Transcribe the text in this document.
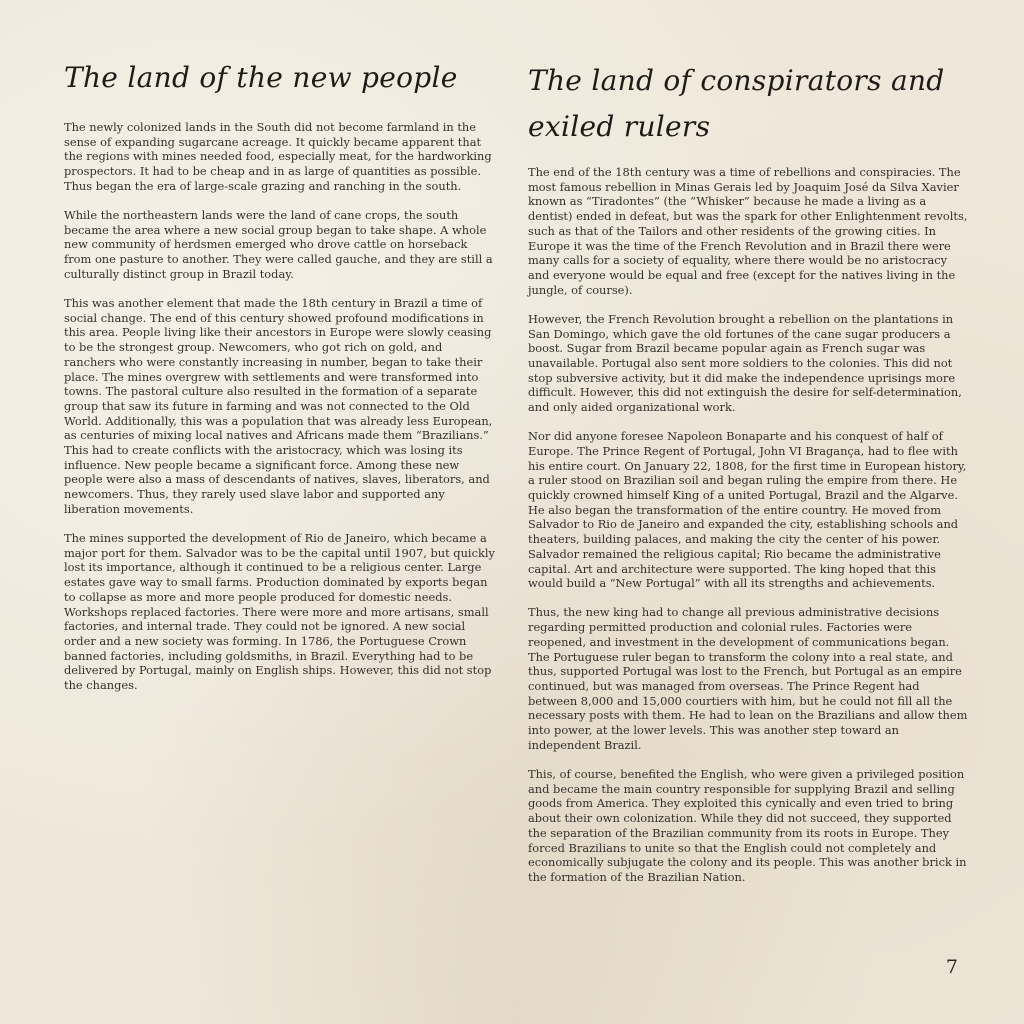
The land of the new people

The newly colonized lands in the South did not become farmland in the sense of expanding sugarcane acreage. It quickly became apparent that the regions with mines needed food, especially meat, for the hardworking prospectors. It had to be cheap and in as large of quantities as possible. Thus began the era of large-scale grazing and ranching in the south.

While the northeastern lands were the land of cane crops, the south became the area where a new social group began to take shape. A whole new community of herdsmen emerged who drove cattle on horseback from one pasture to another. They were called gauche, and they are still a culturally distinct group in Brazil today.

This was another element that made the 18th century in Brazil a time of social change. The end of this century showed profound modifications in this area. People living like their ancestors in Europe were slowly ceasing to be the strongest group. Newcomers, who got rich on gold, and ranchers who were constantly increasing in number, began to take their place. The mines overgrew with settlements and were transformed into towns. The pastoral culture also resulted in the formation of a separate group that saw its future in farming and was not connected to the Old World. Additionally, this was a population that was already less European, as centuries of mixing local natives and Africans made them “Brazilians.” This had to create conflicts with the aristocracy, which was losing its influence. New people became a significant force. Among these new people were also a mass of descendants of natives, slaves, liberators, and newcomers. Thus, they rarely used slave labor and supported any liberation movements.

The mines supported the development of Rio de Janeiro, which became a major port for them. Salvador was to be the capital until 1907, but quickly lost its importance, although it continued to be a religious center. Large estates gave way to small farms. Production dominated by exports began to collapse as more and more people produced for domestic needs. Workshops replaced factories. There were more and more artisans, small factories, and internal trade. They could not be ignored. A new social order and a new society was forming. In 1786, the Portuguese Crown banned factories, including goldsmiths, in Brazil. Everything had to be delivered by Portugal, mainly on English ships. However, this did not stop the changes.

The land of conspirators and exiled rulers

The end of the 18th century was a time of rebellions and conspiracies. The most famous rebellion in Minas Gerais led by Joaquim José da Silva Xavier known as “Tiradontes” (the “Whisker” because he made a living as a dentist) ended in defeat, but was the spark for other Enlightenment revolts, such as that of the Tailors and other residents of the growing cities. In Europe it was the time of the French Revolution and in Brazil there were many calls for a society of equality, where there would be no aristocracy and everyone would be equal and free (except for the natives living in the jungle, of course).

However, the French Revolution brought a rebellion on the plantations in San Domingo, which gave the old fortunes of the cane sugar producers a boost. Sugar from Brazil became popular again as French sugar was unavailable. Portugal also sent more soldiers to the colonies. This did not stop subversive activity, but it did make the independence uprisings more difficult. However, this did not extinguish the desire for self-determination, and only aided organizational work.

Nor did anyone foresee Napoleon Bonaparte and his conquest of half of Europe. The Prince Regent of Portugal, John VI Bragança, had to flee with his entire court. On January 22, 1808, for the first time in European history, a ruler stood on Brazilian soil and began ruling the empire from there. He quickly crowned himself King of a united Portugal, Brazil and the Algarve. He also began the transformation of the entire country. He moved from Salvador to Rio de Janeiro and expanded the city, establishing schools and theaters, building palaces, and making the city the center of his power. Salvador remained the religious capital; Rio became the administrative capital. Art and architecture were supported. The king hoped that this would build a “New Portugal” with all its strengths and achievements.

Thus, the new king had to change all previous administrative decisions regarding permitted production and colonial rules. Factories were reopened, and investment in the development of communications began. The Portuguese ruler began to transform the colony into a real state, and thus, supported Portugal was lost to the French, but Portugal as an empire continued, but was managed from overseas. The Prince Regent had between 8,000 and 15,000 courtiers with him, but he could not fill all the necessary posts with them. He had to lean on the Brazilians and allow them into power, at the lower levels. This was another step toward an independent Brazil.

This, of course, benefited the English, who were given a privileged position and became the main country responsible for supplying Brazil and selling goods from America. They exploited this cynically and even tried to bring about their own colonization. While they did not succeed, they supported the separation of the Brazilian community from its roots in Europe. They forced Brazilians to unite so that the English could not completely and economically subjugate the colony and its people. This was another brick in the formation of the Brazilian Nation.

7
